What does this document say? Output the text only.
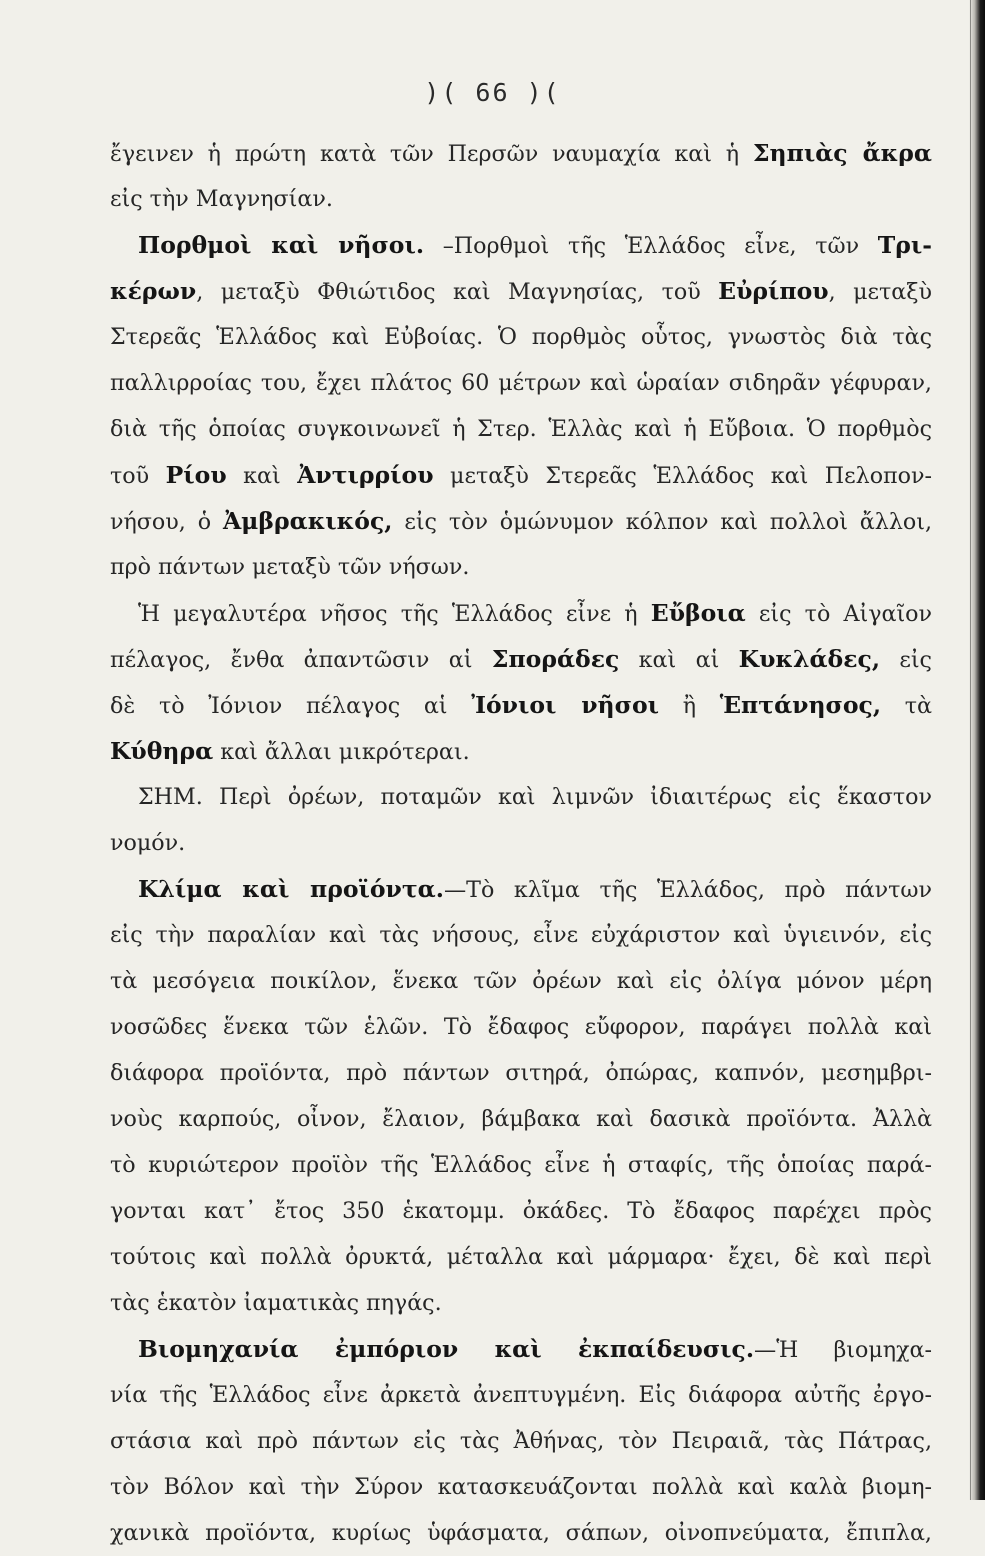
)( 66 )(
ἔγεινεν ἡ πρώτη κατὰ τῶν Περσῶν ναυμαχία καὶ ἡ Σηπιὰς ἄκρα
εἰς τὴν Μαγνησίαν.
Πορθμοὶ καὶ νῆσοι. –Πορθμοὶ τῆς Ἑλλάδος εἶνε, τῶν Τρι-
κέρων, μεταξὺ Φθιώτιδος καὶ Μαγνησίας, τοῦ Εὐρίπου, μεταξὺ
Στερεᾶς Ἑλλάδος καὶ Εὐβοίας. Ὁ πορθμὸς οὗτος, γνωστὸς διὰ τὰς
παλλιρροίας του, ἔχει πλάτος 60 μέτρων καὶ ὡραίαν σιδηρᾶν γέφυραν,
διὰ τῆς ὁποίας συγκοινωνεῖ ἡ Στερ. Ἑλλὰς καὶ ἡ Εὔβοια. Ὁ πορθμὸς
τοῦ Ρίου καὶ Ἀντιρρίου μεταξὺ Στερεᾶς Ἑλλάδος καὶ Πελοπον-
νήσου, ὁ Ἀμβρακικός, εἰς τὸν ὁμώνυμον κόλπον καὶ πολλοὶ ἄλλοι,
πρὸ πάντων μεταξὺ τῶν νήσων.
Ἡ μεγαλυτέρα νῆσος τῆς Ἑλλάδος εἶνε ἡ Εὔβοια εἰς τὸ Αἰγαῖον
πέλαγος, ἔνθα ἀπαντῶσιν αἱ Σποράδες καὶ αἱ Κυκλάδες, εἰς
δὲ τὸ Ἰόνιον πέλαγος αἱ Ἰόνιοι νῆσοι ἢ Ἑπτάνησος, τὰ
Κύθηρα καὶ ἄλλαι μικρότεραι.
ΣΗΜ. Περὶ ὀρέων, ποταμῶν καὶ λιμνῶν ἰδιαιτέρως εἰς ἕκαστον
νομόν.
Κλίμα καὶ προϊόντα.—Τὸ κλῖμα τῆς Ἑλλάδος, πρὸ πάντων
εἰς τὴν παραλίαν καὶ τὰς νήσους, εἶνε εὐχάριστον καὶ ὑγιεινόν, εἰς
τὰ μεσόγεια ποικίλον, ἕνεκα τῶν ὀρέων καὶ εἰς ὀλίγα μόνον μέρη
νοσῶδες ἕνεκα τῶν ἑλῶν. Τὸ ἔδαφος εὔφορον, παράγει πολλὰ καὶ
διάφορα προϊόντα, πρὸ πάντων σιτηρά, ὀπώρας, καπνόν, μεσημβρι-
νοὺς καρπούς, οἶνον, ἔλαιον, βάμβακα καὶ δασικὰ προϊόντα. Ἀλλὰ
τὸ κυριώτερον προϊὸν τῆς Ἑλλάδος εἶνε ἡ σταφίς, τῆς ὁποίας παρά-
γονται κατ᾽ ἔτος 350 ἑκατομμ. ὀκάδες. Τὸ ἔδαφος παρέχει πρὸς
τούτοις καὶ πολλὰ ὀρυκτά, μέταλλα καὶ μάρμαρα· ἔχει, δὲ καὶ περὶ
τὰς ἑκατὸν ἰαματικὰς πηγάς.
Βιομηχανία ἐμπόριον καὶ ἐκπαίδευσις.—Ἡ βιομηχα-
νία τῆς Ἑλλάδος εἶνε ἀρκετὰ ἀνεπτυγμένη. Εἰς διάφορα αὐτῆς ἐργο-
στάσια καὶ πρὸ πάντων εἰς τὰς Ἀθήνας, τὸν Πειραιᾶ, τὰς Πάτρας,
τὸν Βόλον καὶ τὴν Σύρον κατασκευάζονται πολλὰ καὶ καλὰ βιομη-
χανικὰ προϊόντα, κυρίως ὑφάσματα, σάπων, οἰνοπνεύματα, ἔπιπλα,
